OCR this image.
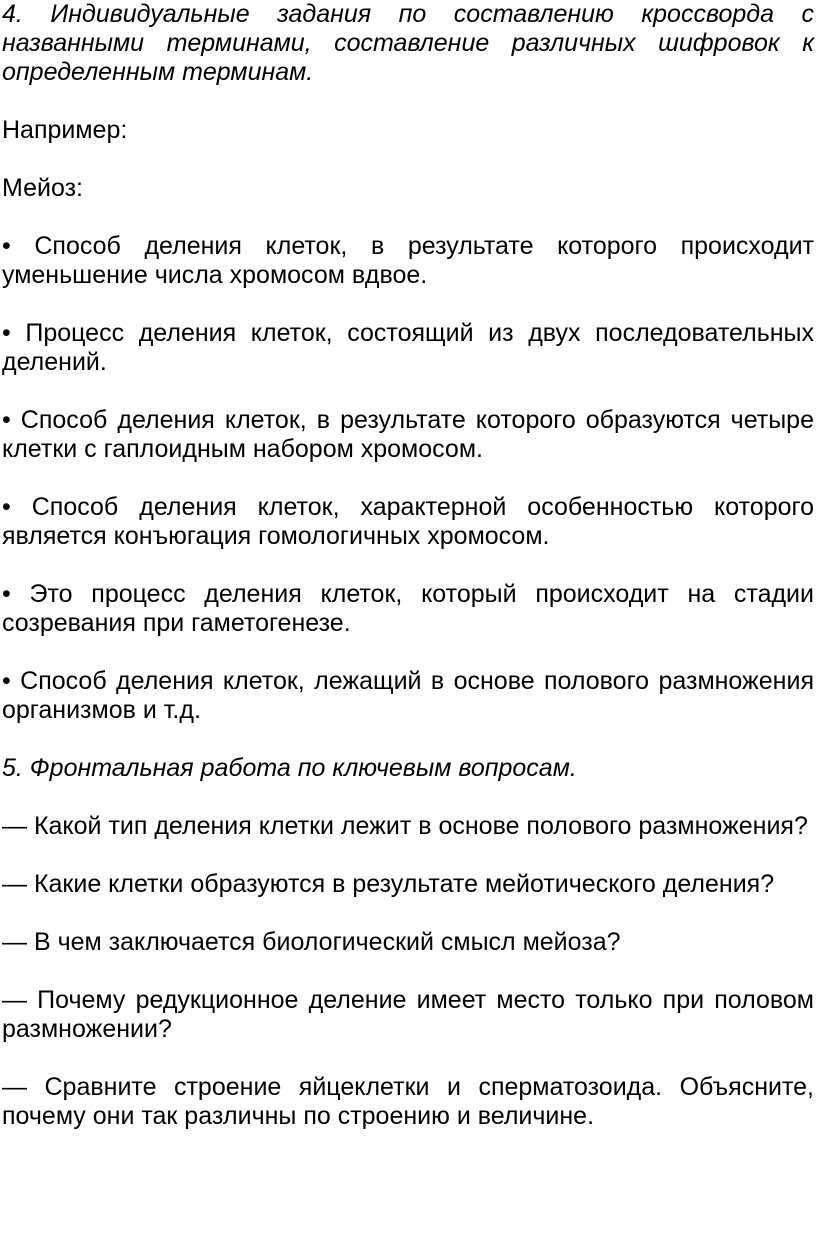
4. Индивидуальные задания по составлению кроссворда с названными терминами, составление различных шифровок к определенным терминам.

Например:

Мейоз:

• Способ деления клеток, в результате которого происходит уменьшение числа хромосом вдвое.

• Процесс деления клеток, состоящий из двух последовательных делений.

• Способ деления клеток, в результате которого образуются четыре клетки с гаплоидным набором хромосом.

• Способ деления клеток, характерной особенностью которого является конъюгация гомологичных хромосом.

• Это процесс деления клеток, который происходит на стадии созревания при гаметогенезе.

• Способ деления клеток, лежащий в основе полового размножения организмов и т.д.

5. Фронтальная работа по ключевым вопросам.

— Какой тип деления клетки лежит в основе полового размножения?

— Какие клетки образуются в результате мейотического деления?

— В чем заключается биологический смысл мейоза?

— Почему редукционное деление имеет место только при половом размножении?

— Сравните строение яйцеклетки и сперматозоида. Объясните, почему они так различны по строению и величине.
